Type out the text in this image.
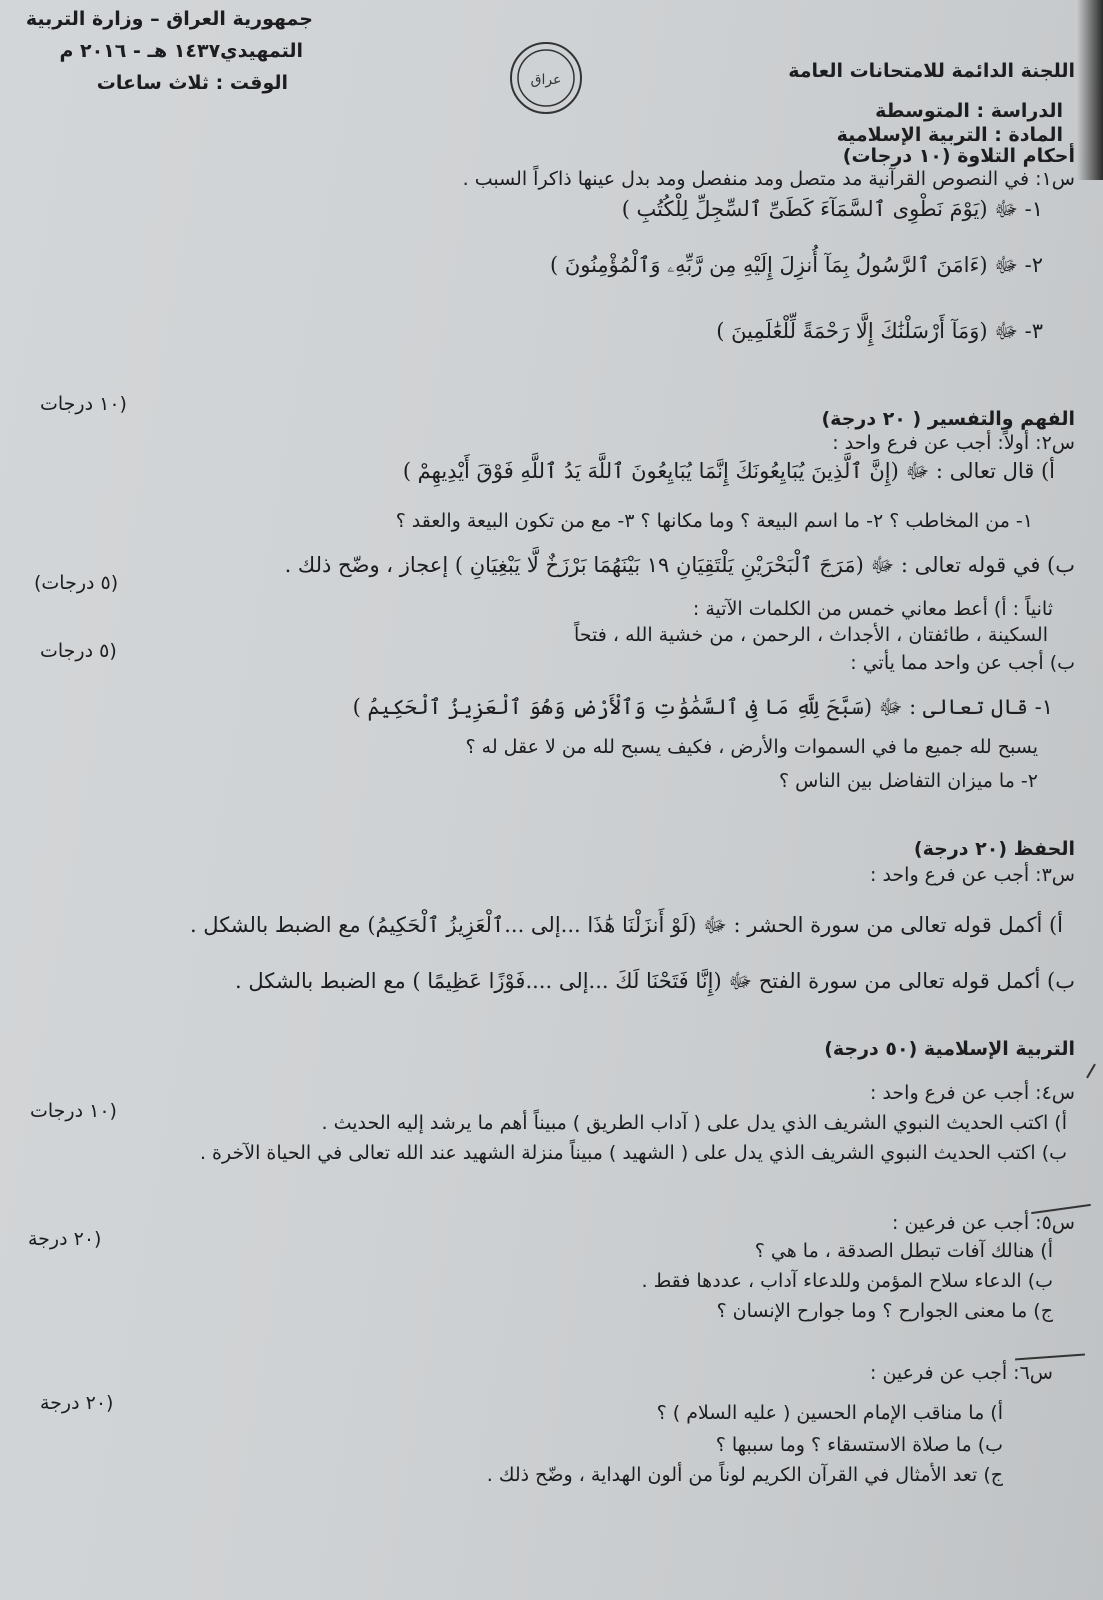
جمهورية العراق – وزارة التربية
التمهيدي١٤٣٧ هـ - ٢٠١٦ م
الوقت : ثلاث ساعات	عراق	اللجنة الدائمة للامتحانات العامة
الدراسة : المتوسطة
المادة : التربية الإسلامية
أحكام التلاوة (١٠ درجات)
س١: في النصوص القرآنية مد متصل ومد منفصل ومد بدل عينها ذاكراً السبب .
١- ﷻ (يَوْمَ نَطْوِى ٱلسَّمَآءَ كَطَىِّ ٱلسِّجِلِّ لِلْكُتُبِ )
٢- ﷻ (ءَامَنَ ٱلرَّسُولُ بِمَآ أُنزِلَ إِلَيْهِ مِن رَّبِّهِۦ وَٱلْمُؤْمِنُونَ )
٣- ﷻ (وَمَآ أَرْسَلْنَٰكَ إِلَّا رَحْمَةً لِّلْعَٰلَمِينَ )
(١٠ درجات
الفهم والتفسير ( ٢٠ درجة)
س٢: أولاً: أجب عن فرع واحد :
أ) قال تعالى : ﷻ (إِنَّ ٱلَّذِينَ يُبَايِعُونَكَ إِنَّمَا يُبَايِعُونَ ٱللَّهَ يَدُ ٱللَّهِ فَوْقَ أَيْدِيهِمْ )
١- من المخاطب ؟ ٢- ما اسم البيعة ؟ وما مكانها ؟ ٣- مع من تكون البيعة والعقد ؟
ب) في قوله تعالى : ﷻ (مَرَجَ ٱلْبَحْرَيْنِ يَلْتَقِيَانِ ١٩ بَيْنَهُمَا بَرْزَخٌ لَّا يَبْغِيَانِ ) إعجاز ، وضّح ذلك .
(٥ درجات)
ثانياً : أ) أعط معاني خمس من الكلمات الآتية :
السكينة ، طائفتان ، الأجداث ، الرحمن ، من خشية الله ، فتحاً
(٥ درجات
ب) أجب عن واحد مما يأتي :
١- قال تعالى : ﷻ (سَبَّحَ لِلَّهِ مَا فِى ٱلسَّمَٰوَٰتِ وَٱلْأَرْضِ وَهُوَ ٱلْعَزِيزُ ٱلْحَكِيمُ )
يسبح لله جميع ما في السموات والأرض ، فكيف يسبح لله من لا عقل له ؟
٢- ما ميزان التفاضل بين الناس ؟
الحفظ (٢٠ درجة)
س٣: أجب عن فرع واحد :
أ) أكمل قوله تعالى من سورة الحشر : ﷻ (لَوْ أَنزَلْنَا هَٰذَا ...إلى ...ٱلْعَزِيزُ ٱلْحَكِيمُ) مع الضبط بالشكل .
ب) أكمل قوله تعالى من سورة الفتح ﷻ (إِنَّا فَتَحْنَا لَكَ ...إلى ....فَوْزًا عَظِيمًا ) مع الضبط بالشكل .
التربية الإسلامية (٥٠ درجة)
س٤: أجب عن فرع واحد :
(١٠ درجات
أ) اكتب الحديث النبوي الشريف الذي يدل على ( آداب الطريق ) مبيناً أهم ما يرشد إليه الحديث .
ب) اكتب الحديث النبوي الشريف الذي يدل على ( الشهيد ) مبيناً منزلة الشهيد عند الله تعالى في الحياة الآخرة .
س٥: أجب عن فرعين :
(٢٠ درجة
أ) هنالك آفات تبطل الصدقة ، ما هي ؟
ب) الدعاء سلاح المؤمن وللدعاء آداب ، عددها فقط .
ج) ما معنى الجوارح ؟ وما جوارح الإنسان ؟
س٦: أجب عن فرعين :
(٢٠ درجة	أ) ما مناقب الإمام الحسين ( عليه السلام ) ؟
ب) ما صلاة الاستسقاء ؟ وما سببها ؟
ج) تعد الأمثال في القرآن الكريم لوناً من ألون الهداية ، وضّح ذلك .
